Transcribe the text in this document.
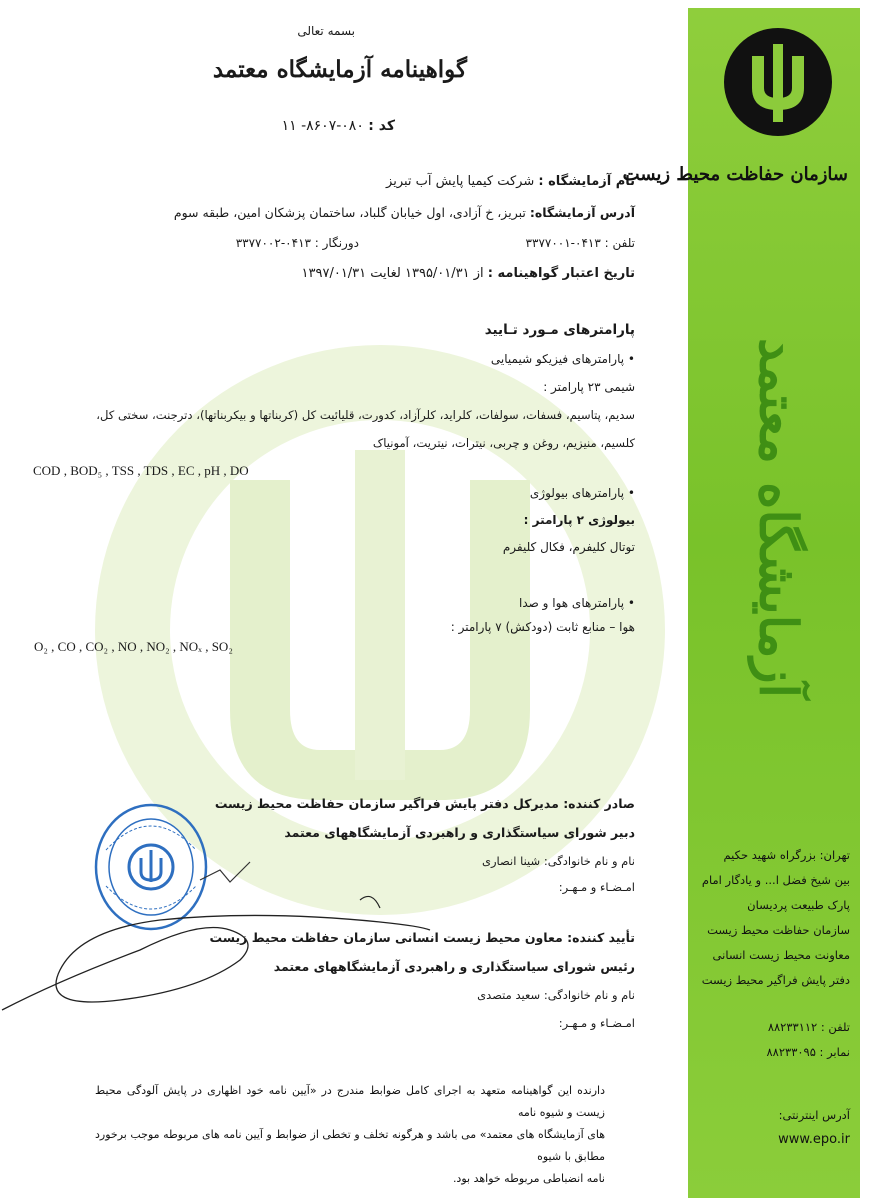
بسمه تعالی
گواهینامه آزمایشگاه معتمد
کد : ۰۸۰-۸۶۰۷- ۱۱
نام آزمایشگاه : شرکت کیمیا پایش آب تبریز
آدرس آزمایشگاه: تبریز، خ آزادی، اول خیابان گلباد، ساختمان پزشکان امین، طبقه سوم
تلفن : ۰۴۱۳-۳۳۷۷۰۰۱
دورنگار : ۰۴۱۳-۳۳۷۷۰۰۲
تاریخ اعتبار گواهینامه : از ۱۳۹۵/۰۱/۳۱ لغایت ۱۳۹۷/۰۱/۳۱
پارامترهای مـورد تـایید
• پارامترهای فیزیکو شیمیایی
شیمی ۲۳ پارامتر :
سدیم، پتاسیم، فسفات، سولفات، کلراید، کلرآزاد، کدورت، قلیائیت کل (کربناتها و بیکربناتها)، دترجنت، سختی کل،
کلسیم، منیزیم، روغن و چربی، نیترات، نیتریت، آمونیاک
COD , BOD₅ , TSS , TDS , EC , pH , DO
• پارامترهای بیولوژی
بیولوژی ۲ پارامتر :
توتال کلیفرم، فکال کلیفرم
• پارامترهای هوا و صدا
هوا – منابع ثابت (دودکش) ۷ پارامتر :
O₂ , CO , CO₂ , NO , NO₂ , NOₓ , SO₂
صادر کننده: مدیرکل دفتر پایش فراگیر سازمان حفاظت محیط زیست
دبیر شورای سیاستگذاری و راهبردی آزمایشگاههای معتمد
نام و نام خانوادگی: شینا انصاری
امـضـاء و مـهـر:
تأیید کننده: معاون محیط زیست انسانی سازمان حفاظت محیط زیست
رئیس شورای سیاستگذاری و راهبردی آزمایشگاههای معتمد
نام و نام خانوادگی: سعید متصدی
امـضـاء و مـهـر:
دارنده این گواهینامه متعهد به اجرای کامل ضوابط مندرج در «آیین نامه خود اظهاری در پایش آلودگی محیط زیست و شیوه نامه
های آزمایشگاه های معتمد» می باشد و هرگونه تخلف و تخطی از ضوابط و آیین نامه های مربوطه موجب برخورد مطابق با شیوه
نامه انضباطی مربوطه خواهد بود.
سازمان حفاظت محیط زیست
آزمایشگاه معتمد
تهران: بزرگراه شهید حکیم
بین شیخ فضل ا... و یادگار امام
پارک طبیعت پردیسان
سازمان حفاظت محیط زیست
معاونت محیط زیست انسانی
دفتر پایش فراگیر محیط زیست
تلفن : ۸۸۲۳۳۱۱۲
نمابر : ۸۸۲۳۳۰۹۵
آدرس اینترنتی:
www.epo.ir
